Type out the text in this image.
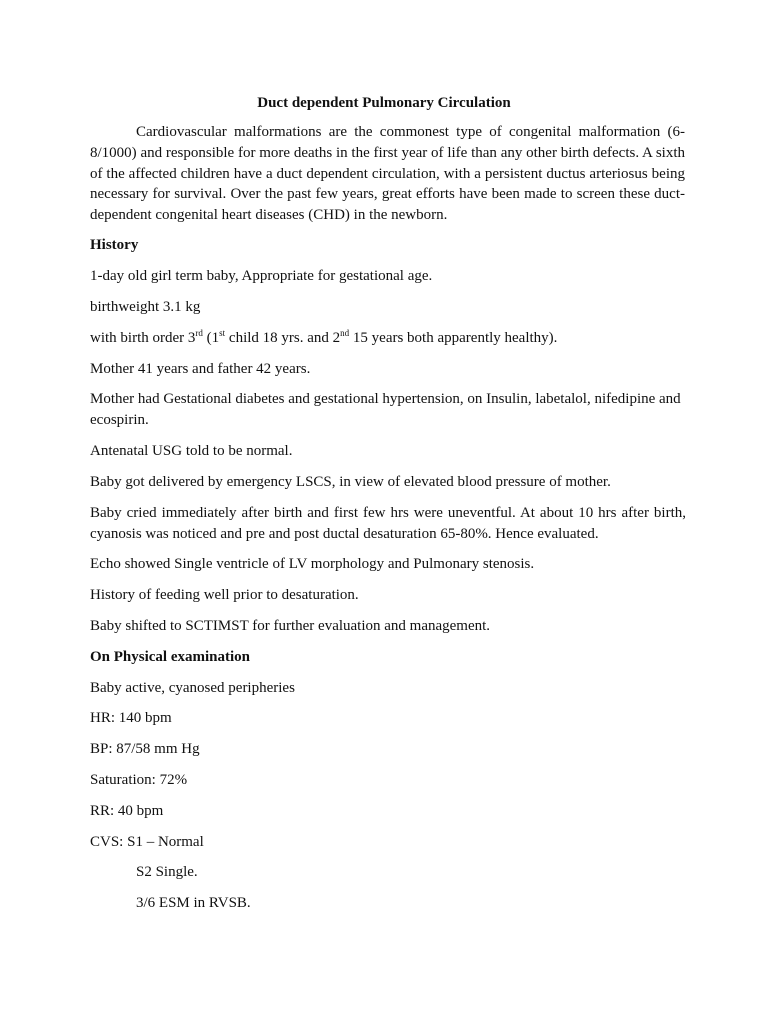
Duct dependent Pulmonary Circulation

Cardiovascular malformations are the commonest type of congenital malformation (6-8/1000) and responsible for more deaths in the first year of life than any other birth defects. A sixth of the affected children have a duct dependent circulation, with a persistent ductus arteriosus being necessary for survival. Over the past few years, great efforts have been made to screen these duct-dependent congenital heart diseases (CHD) in the newborn.

History

1-day old girl term baby, Appropriate for gestational age.

birthweight 3.1 kg

with birth order 3rd (1st child 18 yrs. and 2nd 15 years both apparently healthy).

Mother 41 years and father 42 years.

Mother had Gestational diabetes and gestational hypertension, on Insulin, labetalol, nifedipine and ecospirin.

Antenatal USG told to be normal.

Baby got delivered by emergency LSCS, in view of elevated blood pressure of mother.

Baby cried immediately after birth and first few hrs were uneventful. At about 10 hrs after birth, cyanosis was noticed and pre and post ductal desaturation 65-80%. Hence evaluated.

Echo showed Single ventricle of LV morphology and Pulmonary stenosis.

History of feeding well prior to desaturation.

Baby shifted to SCTIMST for further evaluation and management.

On Physical examination

Baby active, cyanosed peripheries

HR: 140 bpm

BP: 87/58 mm Hg

Saturation: 72%

RR: 40 bpm

CVS: S1 – Normal

S2 Single.

3/6 ESM in RVSB.
